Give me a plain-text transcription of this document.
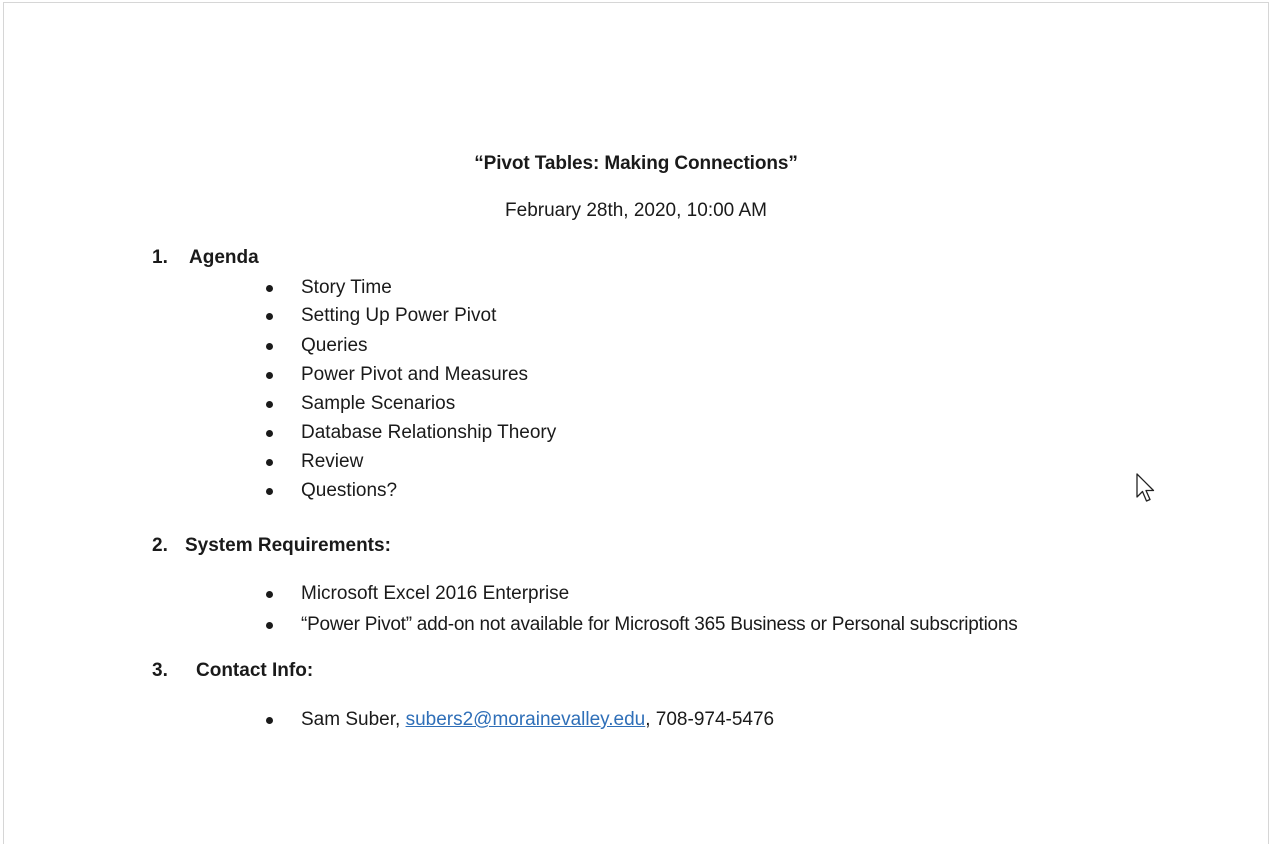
“Pivot Tables: Making Connections”
February 28th, 2020, 10:00 AM
1. Agenda
Story Time
Setting Up Power Pivot
Queries
Power Pivot and Measures
Sample Scenarios
Database Relationship Theory
Review
Questions?
2. System Requirements:
Microsoft Excel 2016 Enterprise
“Power Pivot” add-on not available for Microsoft 365 Business or Personal subscriptions
3. Contact Info:
Sam Suber, subers2@morainevalley.edu, 708-974-5476
